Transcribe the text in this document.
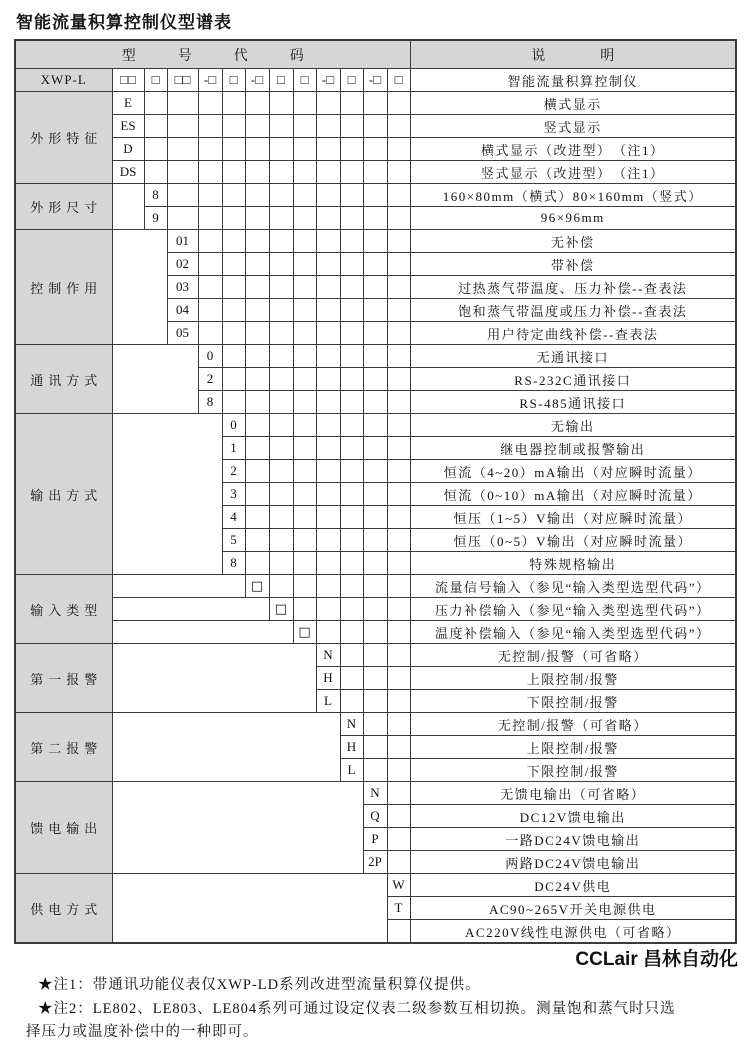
智能流量积算控制仪型谱表
型号代码													说明
XWP-L	□□	□	□□	-□	□	-□	□	□	-□	□	-□	□	智能流量积算控制仪
外形特征	E												横式显示
	ES												竖式显示
	D												横式显示（改进型）　（注1）
	DS												竖式显示（改进型）　（注1）
外形尺寸		8											160×80mm（横式）80×160mm（竖式）
		9											96×96mm
控制作用			01										无补偿
			02										带补偿
			03										过热蒸气带温度、压力补偿--查表法
			04										饱和蒸气带温度或压力补偿--查表法
			05										用户待定曲线补偿--查表法
通讯方式				0									无通讯接口
				2									RS-232C通讯接口
				8									RS-485通讯接口
输出方式					0								无输出
					1								继电器控制或报警输出
					2								恒流（4~20）mA输出（对应瞬时流量）
					3								恒流（0~10）mA输出（对应瞬时流量）
					4								恒压（1~5）V输出（对应瞬时流量）
					5								恒压（0~5）V输出（对应瞬时流量）
					8								特殊规格输出
输入类型						□							流量信号输入（参见“输入类型选型代码”）
							□						压力补偿输入（参见“输入类型选型代码”）
								□					温度补偿输入（参见“输入类型选型代码”）
第一报警									N				无控制/报警（可省略）
									H				上限控制/报警
									L				下限控制/报警
第二报警										N			无控制/报警（可省略）
										H			上限控制/报警
										L			下限控制/报警
馈电输出											N		无馈电输出（可省略）
											Q		DC12V馈电输出
											P		一路DC24V馈电输出
											2P		两路DC24V馈电输出
供电方式												W	DC24V供电
												T	AC90~265V开关电源供电
													AC220V线性电源供电（可省略）

★注1：带通讯功能仪表仅XWP-LD系列改进型流量积算仪提供。

★注2：LE802、LE803、LE804系列可通过设定仪表二级参数互相切换。测量饱和蒸气时只选择压力或温度补偿中的一种即可。

CCLair 昌林自动化
